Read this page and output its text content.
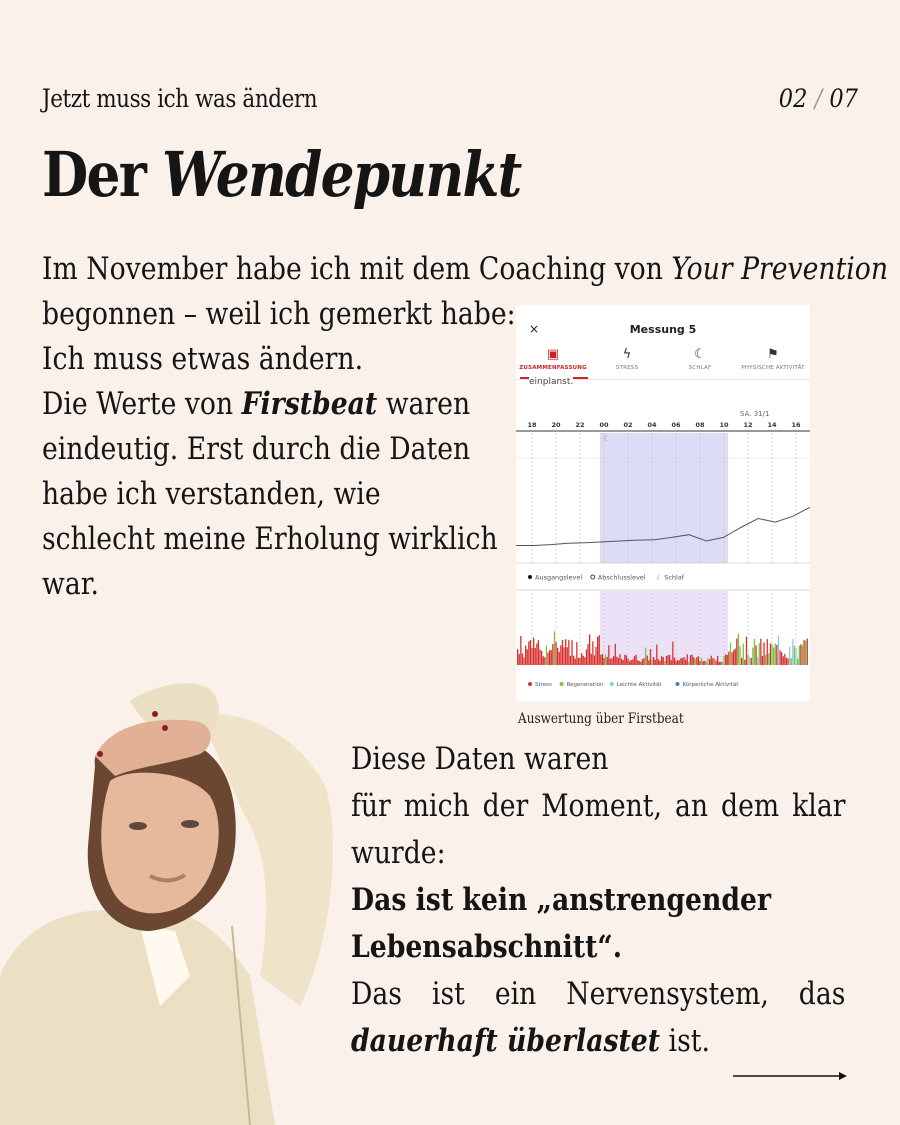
Jetzt muss ich was ändern	02 / 07
Der Wendepunkt
Im November habe ich mit dem Coaching von Your Prevention
begonnen – weil ich gemerkt habe:
Ich muss etwas ändern.
Die Werte von Firstbeat waren
eindeutig. Erst durch die Daten
habe ich verstanden, wie
schlecht meine Erholung wirklich
war.
SA. 31/1
18 20 22 00 02 04 06 08 10 12 14 16
☾
Ausgangslevel Abschlusslevel ☾ Schlaf
Stress	Regeneration Leichte Aktivität	Körperliche Aktivität
×	Messung 5
▣
ZUSAMMENFASSUNG
ϟ
STRESS
☾
SCHLAF
⚑
PHYSISCHE AKTIVITÄT
einplanst.
Auswertung über Firstbeat
Diese Daten waren
für mich der Moment, an dem klar
wurde:
Das ist kein „anstrengender
Lebensabschnitt“.
Das ist ein Nervensystem, das
dauerhaft überlastet ist.
